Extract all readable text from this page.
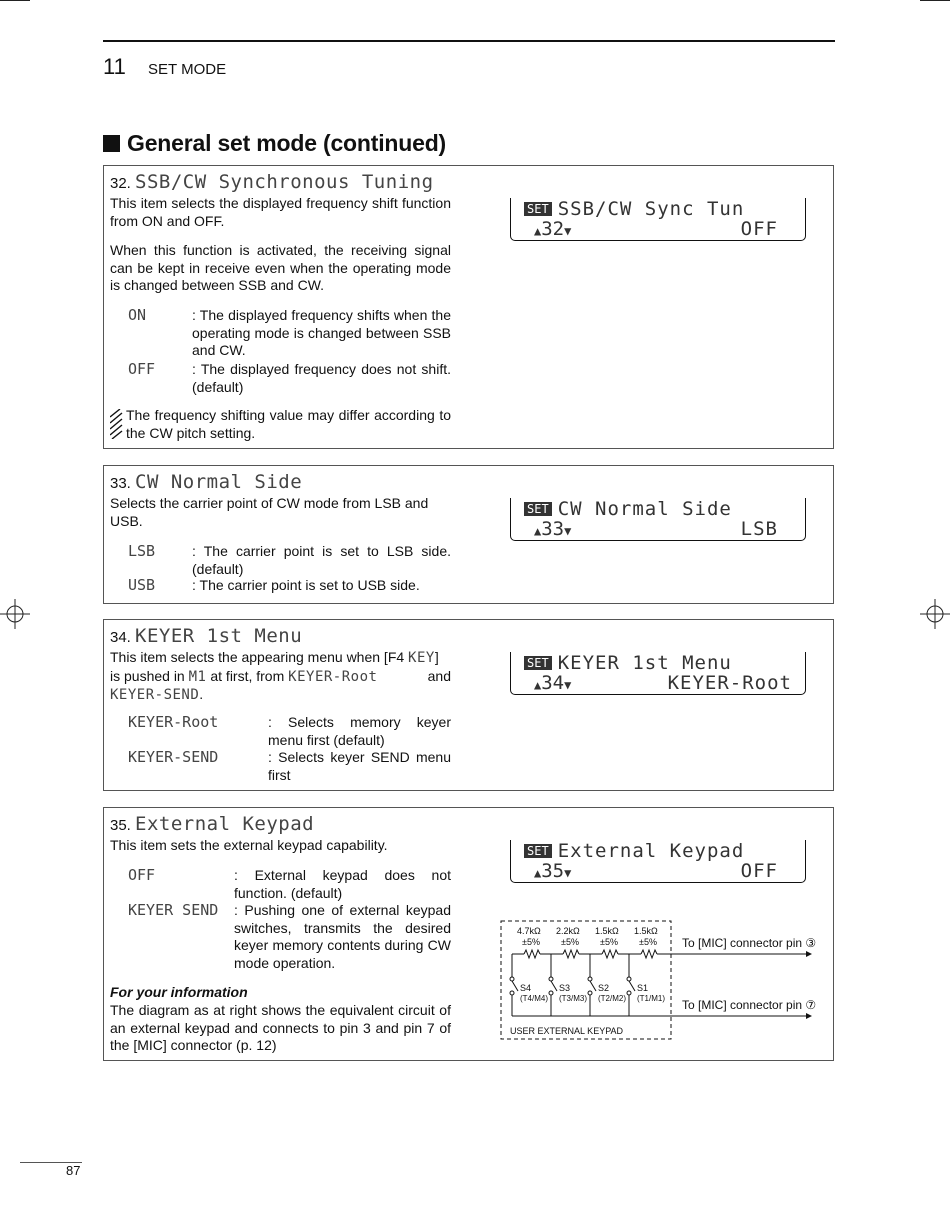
11 SET MODE
General set mode (continued)
32. SSB/CW Synchronous Tuning
This item selects the displayed frequency shift function from ON and OFF.
When this function is activated, the receiving signal can be kept in receive even when the operating mode is changed between SSB and CW.
ON	: The displayed frequency shifts when the operating mode is changed between SSB and CW.
OFF	: The displayed frequency does not shift. (default)
The frequency shifting value may differ according to the CW pitch setting.
SET SSB/CW Sync Tun
▲32▼	OFF
33. CW Normal Side
Selects the carrier point of CW mode from LSB and USB.
LSB	: The carrier point is set to LSB side. (default)
USB	: The carrier point is set to USB side.
SET CW Normal Side
▲33▼	LSB
34. KEYER 1st Menu
This item selects the appearing menu when [F4 KEY]
is pushed in M1 at first, from KEYER-Root	and
KEYER-SEND.
KEYER-Root	: Selects memory keyer menu first (default)
KEYER-SEND	: Selects keyer SEND menu first
SET KEYER 1st Menu
▲34▼	KEYER-Root
35. External Keypad
This item sets the external keypad capability.
OFF	: External keypad does not function. (default)
KEYER SEND : Pushing one of external keypad switches, transmits the desired keyer memory contents during CW mode operation.
For your information
The diagram as at right shows the equivalent circuit of an external keypad and connects to pin 3 and pin 7 of the [MIC] connector (p. 12)
SET External Keypad
▲35▼	OFF
4.7kΩ
±5%
2.2kΩ
±5%
1.5kΩ
±5%
1.5kΩ
±5%
S4
(T4/M4)
S3
(T3/M3)
S2
(T2/M2)
S1
(T1/M1)
To [MIC] connector pin ③
To [MIC] connector pin ⑦
USER EXTERNAL KEYPAD
87
